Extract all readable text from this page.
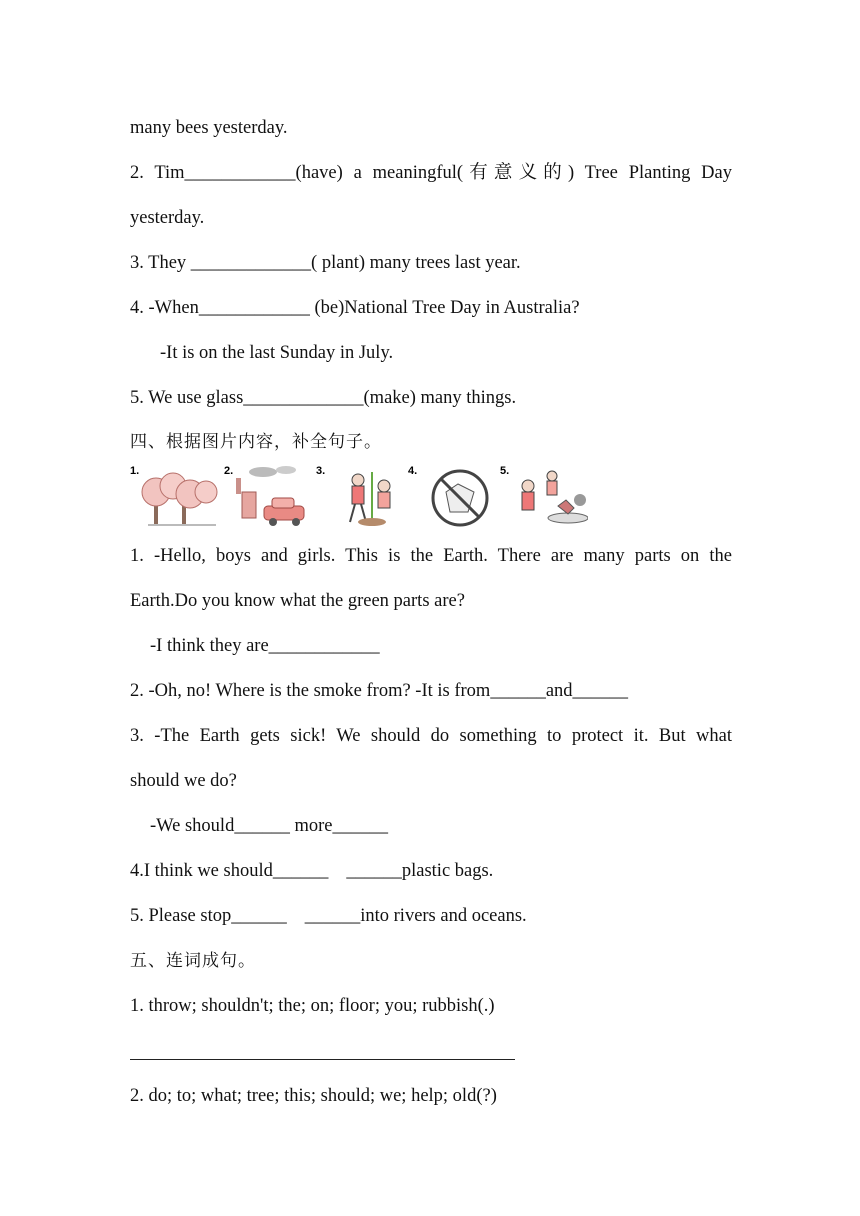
many bees yesterday.
2. Tim____________(have) a meaningful(有意义的) Tree Planting Day
yesterday.
3. They _____________( plant) many trees last year.
4. -When____________ (be)National Tree Day in Australia?
-It is on the last Sunday in July.
5. We use glass_____________(make) many things.
四、根据图片内容，补全句子。
1.	2.	3.	4.	5.
1. -Hello, boys and girls. This is the Earth. There are many parts on the
Earth.Do you know what the green parts are?
-I think they are____________
2. -Oh, no! Where is the smoke from? -It is from______and______
3. -The Earth gets sick! We should do something to protect it. But what
should we do?
-We should______ more______
4.I think we should______ ______plastic bags.
5. Please stop______ ______into rivers and oceans.
五、连词成句。
1. throw; shouldn't; the; on; floor; you; rubbish(.)
2. do; to; what; tree; this; should; we; help; old(?)
